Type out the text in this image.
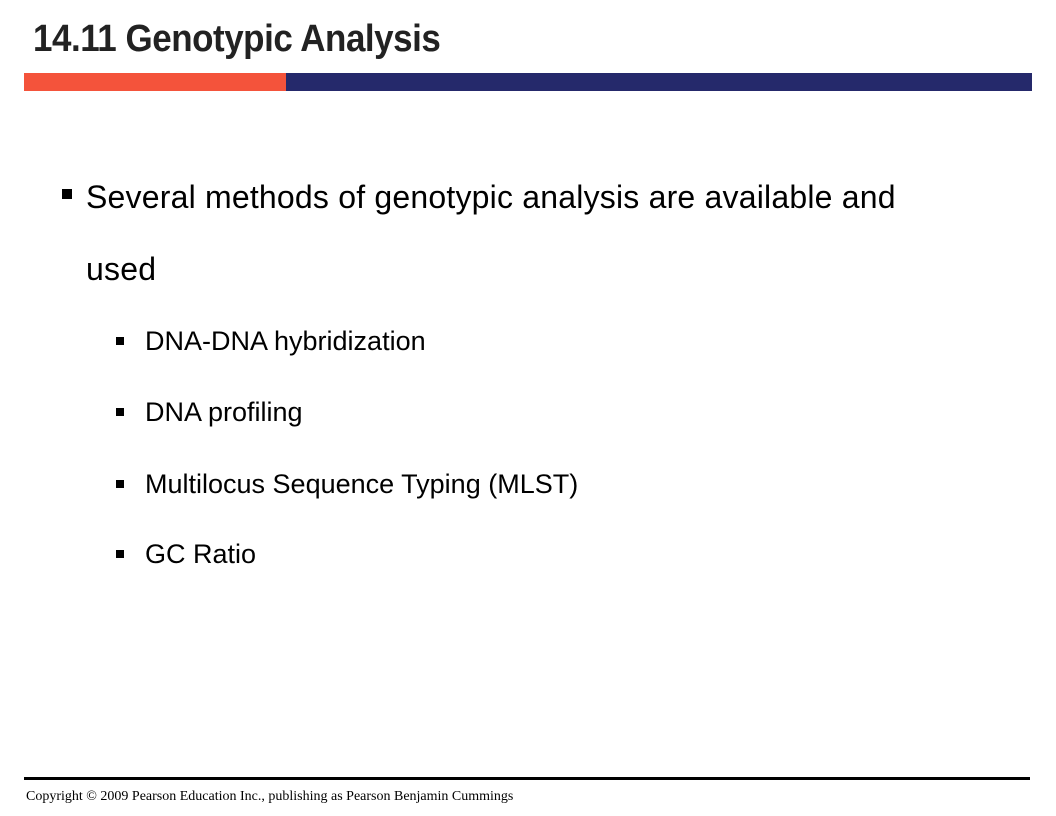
14.11 Genotypic Analysis
Several methods of genotypic analysis are available and used
DNA-DNA hybridization
DNA profiling
Multilocus Sequence Typing (MLST)
GC Ratio
Copyright © 2009 Pearson Education Inc., publishing as Pearson Benjamin Cummings
